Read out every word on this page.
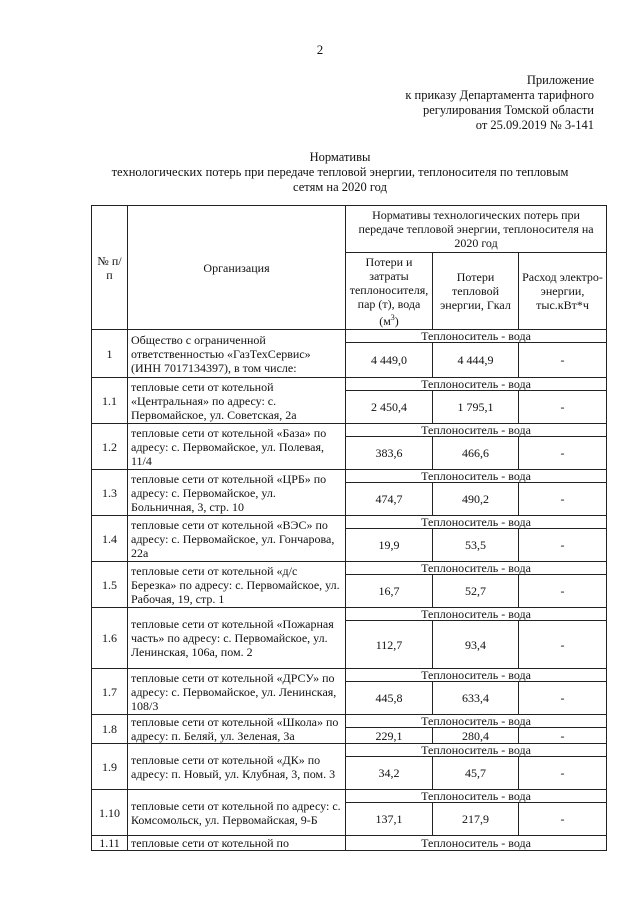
2
Приложение
к приказу Департамента тарифного
регулирования Томской области
от 25.09.2019 № 3-141
Нормативы
технологических потерь при передаче тепловой энергии, теплоносителя по тепловым
сетям на 2020 год
№ п/п	Организация	Нормативы технологических потерь при передаче тепловой энергии, теплоносителя на 2020 год		
		Потери и затраты теплоносителя, пар (т), вода $(м^3)$	Потери тепловой энергии, Гкал	Расход электро-энергии, тыс.кВт*ч
1	Общество с ограниченной ответственностью «ГазТехСервис» (ИНН 7017134397), в том числе:	Теплоноситель - вода		
		4 449,0	4 444,9	-
1.1	тепловые сети от котельной «Центральная» по адресу: с. Первомайское, ул. Советская, 2а	Теплоноситель - вода		
		2 450,4	1 795,1	-
1.2	тепловые сети от котельной «База» по адресу: с. Первомайское, ул. Полевая, 11/4	Теплоноситель - вода		
		383,6	466,6	-
1.3	тепловые сети от котельной «ЦРБ» по адресу: с. Первомайское, ул. Больничная, 3, стр. 10	Теплоноситель - вода		
		474,7	490,2	-
1.4	тепловые сети от котельной «ВЭС» по адресу: с. Первомайское, ул. Гончарова, 22а	Теплоноситель - вода		
		19,9	53,5	-
1.5	тепловые сети от котельной «д/с Березка» по адресу: с. Первомайское, ул. Рабочая, 19, стр. 1	Теплоноситель - вода		
		16,7	52,7	-
1.6	тепловые сети от котельной «Пожарная часть» по адресу: с. Первомайское, ул. Ленинская, 106а, пом. 2	Теплоноситель - вода		
		112,7	93,4	-
1.7	тепловые сети от котельной «ДРСУ» по адресу: с. Первомайское, ул. Ленинская, 108/3	Теплоноситель - вода		
		445,8	633,4	-
1.8	тепловые сети от котельной «Школа» по адресу: п. Беляй, ул. Зеленая, 3а	Теплоноситель - вода		
		229,1	280,4	-
1.9	тепловые сети от котельной «ДК» по адресу: п. Новый, ул. Клубная, 3, пом. 3	Теплоноситель - вода		
		34,2	45,7	-
1.10	тепловые сети от котельной по адресу: с. Комсомольск, ул. Первомайская, 9-Б	Теплоноситель - вода		
		137,1	217,9	-
1.11	тепловые сети от котельной по	Теплоноситель - вода		
